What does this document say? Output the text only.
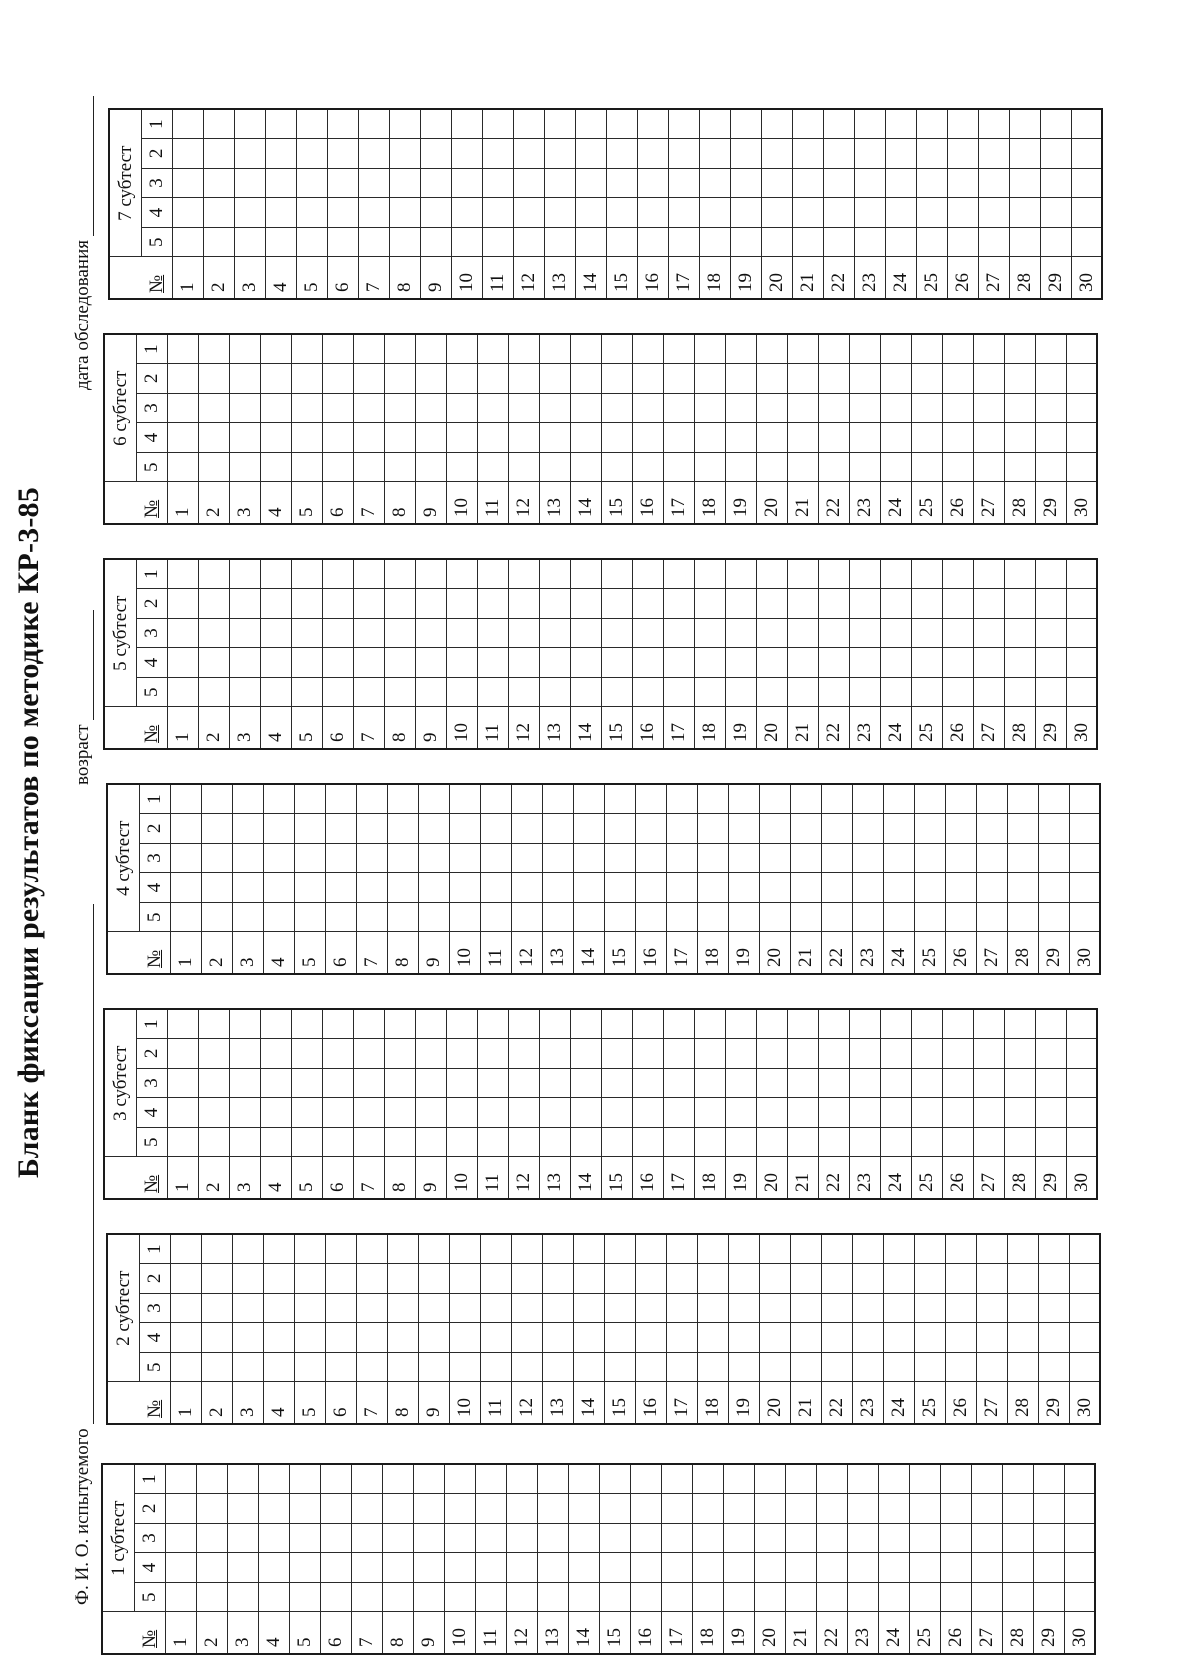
Бланк фиксации результатов по методике КР-3-85
Ф. И. О. испытуемого
возраст
дата обследования
	1 субтест				
№	5	4	3	2	1
1					
2					
3					
4					
5					
6					
7					
8					
9					
10					
11					
12					
13					
14					
15					
16					
17					
18					
19					
20					
21					
22					
23					
24					
25					
26					
27					
28					
29					
30					
	2 субтест				
№	5	4	3	2	1
1					
2					
3					
4					
5					
6					
7					
8					
9					
10					
11					
12					
13					
14					
15					
16					
17					
18					
19					
20					
21					
22					
23					
24					
25					
26					
27					
28					
29					
30					
	3 субтест				
№	5	4	3	2	1
1					
2					
3					
4					
5					
6					
7					
8					
9					
10					
11					
12					
13					
14					
15					
16					
17					
18					
19					
20					
21					
22					
23					
24					
25					
26					
27					
28					
29					
30					
	4 субтест				
№	5	4	3	2	1
1					
2					
3					
4					
5					
6					
7					
8					
9					
10					
11					
12					
13					
14					
15					
16					
17					
18					
19					
20					
21					
22					
23					
24					
25					
26					
27					
28					
29					
30					
	5 субтест				
№	5	4	3	2	1
1					
2					
3					
4					
5					
6					
7					
8					
9					
10					
11					
12					
13					
14					
15					
16					
17					
18					
19					
20					
21					
22					
23					
24					
25					
26					
27					
28					
29					
30					
	6 субтест				
№	5	4	3	2	1
1					
2					
3					
4					
5					
6					
7					
8					
9					
10					
11					
12					
13					
14					
15					
16					
17					
18					
19					
20					
21					
22					
23					
24					
25					
26					
27					
28					
29					
30					
	7 субтест				
№	5	4	3	2	1
1					
2					
3					
4					
5					
6					
7					
8					
9					
10					
11					
12					
13					
14					
15					
16					
17					
18					
19					
20					
21					
22					
23					
24					
25					
26					
27					
28					
29					
30					
